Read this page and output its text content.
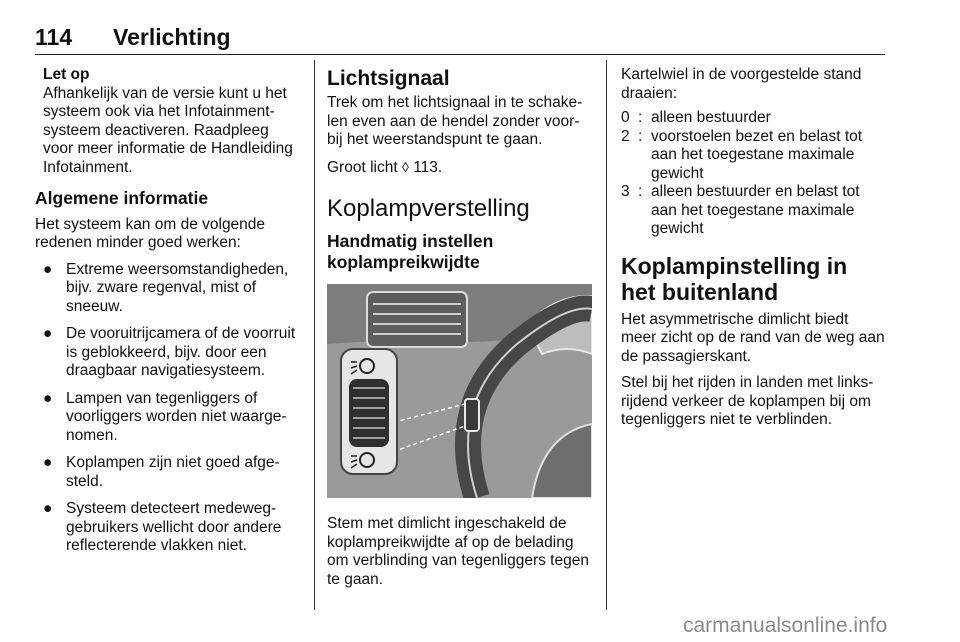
114 Verlichting
Let op
Afhankelijk van de versie kunt u het systeem ook via het Infotainment-systeem deactiveren. Raadpleeg voor meer informatie de Handleiding Infotainment.
Algemene informatie

Het systeem kan om de volgende redenen minder goed werken:

● Extreme weersomstandigheden, bijv. zware regenval, mist of sneeuw.
● De vooruitrijcamera of de voorruit is geblokkeerd, bijv. door een draagbaar navigatiesysteem.
● Lampen van tegenliggers of voorliggers worden niet waarge-nomen.
● Koplampen zijn niet goed afge-steld.
● Systeem detecteert medeweg-gebruikers wellicht door andere reflecterende vlakken niet.
Lichtsignaal

Trek om het lichtsignaal in te schake-len even aan de hendel zonder voor-bij het weerstandspunt te gaan.

Groot licht ◊ 113.

Koplampverstelling
Handmatig instellen koplampreikwijdte

Stem met dimlicht ingeschakeld de koplampreikwijdte af op de belading om verblinding van tegenliggers tegen te gaan.

Kartelwiel in de voorgestelde stand draaien:

0 : alleen bestuurder
2 : voorstoelen bezet en belast tot aan het toegestane maximale gewicht
3 : alleen bestuurder en belast tot aan het toegestane maximale gewicht
Koplampinstelling in het buitenland

Het asymmetrische dimlicht biedt meer zicht op de rand van de weg aan de passagierskant.

Stel bij het rijden in landen met links-rijdend verkeer de koplampen bij om tegenliggers niet te verblinden.

carmanualsonline.info
